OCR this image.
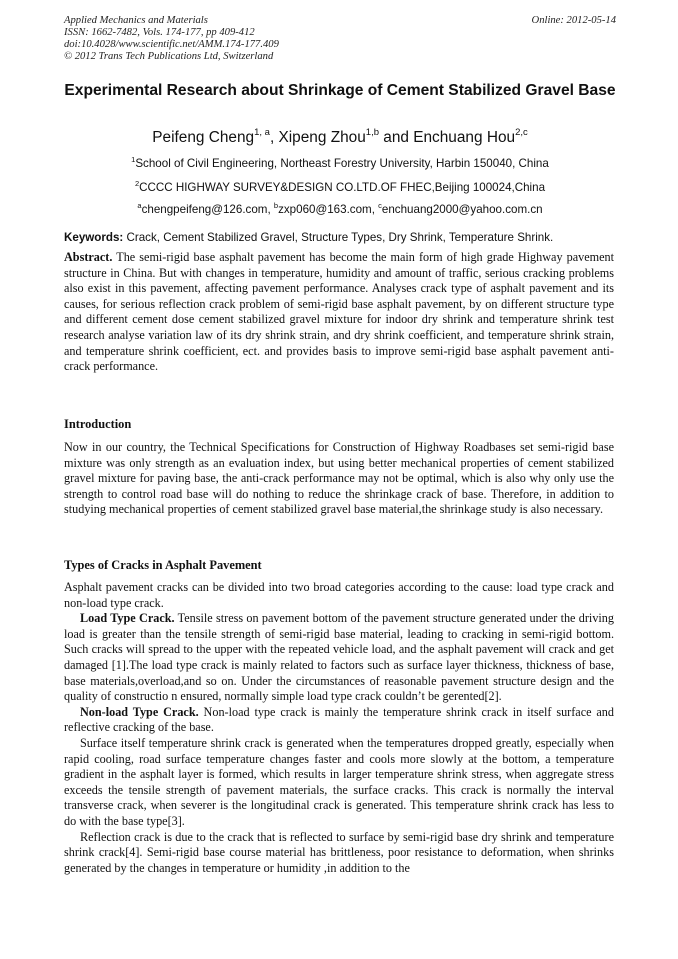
Applied Mechanics and Materials
ISSN: 1662-7482, Vols. 174-177, pp 409-412
doi:10.4028/www.scientific.net/AMM.174-177.409
© 2012 Trans Tech Publications Ltd, Switzerland
Online: 2012-05-14
Experimental Research about Shrinkage of Cement Stabilized Gravel Base
Peifeng Cheng$^{1, a}$, Xipeng Zhou$^{1,b}$ and Enchuang Hou$^{2,c}$
$^1$School of Civil Engineering, Northeast Forestry University, Harbin 150040, China
$^2$CCCC HIGHWAY SURVEY&DESIGN CO.LTD.OF FHEC,Beijing 100024,China
$^a$chengpeifeng@126.com, $^b$zxp060@163.com, $^c$enchuang2000@yahoo.com.cn
Keywords: Crack, Cement Stabilized Gravel, Structure Types, Dry Shrink, Temperature Shrink.

Abstract. The semi-rigid base asphalt pavement has become the main form of high grade Highway pavement structure in China. But with changes in temperature, humidity and amount of traffic, serious cracking problems also exist in this pavement, affecting pavement performance. Analyses crack type of asphalt pavement and its causes, for serious reflection crack problem of semi-rigid base asphalt pavement, by on different structure type and different cement dose cement stabilized gravel mixture for indoor dry shrink and temperature shrink test research analyse variation law of its dry shrink strain, and dry shrink coefficient, and temperature shrink strain, and temperature shrink coefficient, ect. and provides basis to improve semi-rigid base asphalt pavement anti-crack performance.

Introduction

Now in our country, the Technical Specifications for Construction of Highway Roadbases set semi-rigid base mixture was only strength as an evaluation index, but using better mechanical properties of cement stabilized gravel mixture for paving base, the anti-crack performance may not be optimal, which is also why only use the strength to control road base will do nothing to reduce the shrinkage crack of base. Therefore, in addition to studying mechanical properties of cement stabilized gravel base material,the shrinkage study is also necessary.

Types of Cracks in Asphalt Pavement

Asphalt pavement cracks can be divided into two broad categories according to the cause: load type crack and non-load type crack.

Load Type Crack. Tensile stress on pavement bottom of the pavement structure generated under the driving load is greater than the tensile strength of semi-rigid base material, leading to cracking in semi-rigid bottom. Such cracks will spread to the upper with the repeated vehicle load, and the asphalt pavement will crack and get damaged [1].The load type crack is mainly related to factors such as surface layer thickness, thickness of base, base materials,overload,and so on. Under the circumstances of reasonable pavement structure design and the quality of constructio n ensured, normally simple load type crack couldn’t be gerented[2].

Non-load Type Crack. Non-load type crack is mainly the temperature shrink crack in itself surface and reflective cracking of the base.

Surface itself temperature shrink crack is generated when the temperatures dropped greatly, especially when rapid cooling, road surface temperature changes faster and cools more slowly at the bottom, a temperature gradient in the asphalt layer is formed, which results in larger temperature shrink stress, when aggregate stress exceeds the tensile strength of pavement materials, the surface cracks. This crack is normally the interval transverse crack, when severer is the longitudinal crack is generated. This temperature shrink crack has less to do with the base type[3].

Reflection crack is due to the crack that is reflected to surface by semi-rigid base dry shrink and temperature shrink crack[4]. Semi-rigid base course material has brittleness, poor resistance to deformation, when shrinks generated by the changes in temperature or humidity ,in addition to the
